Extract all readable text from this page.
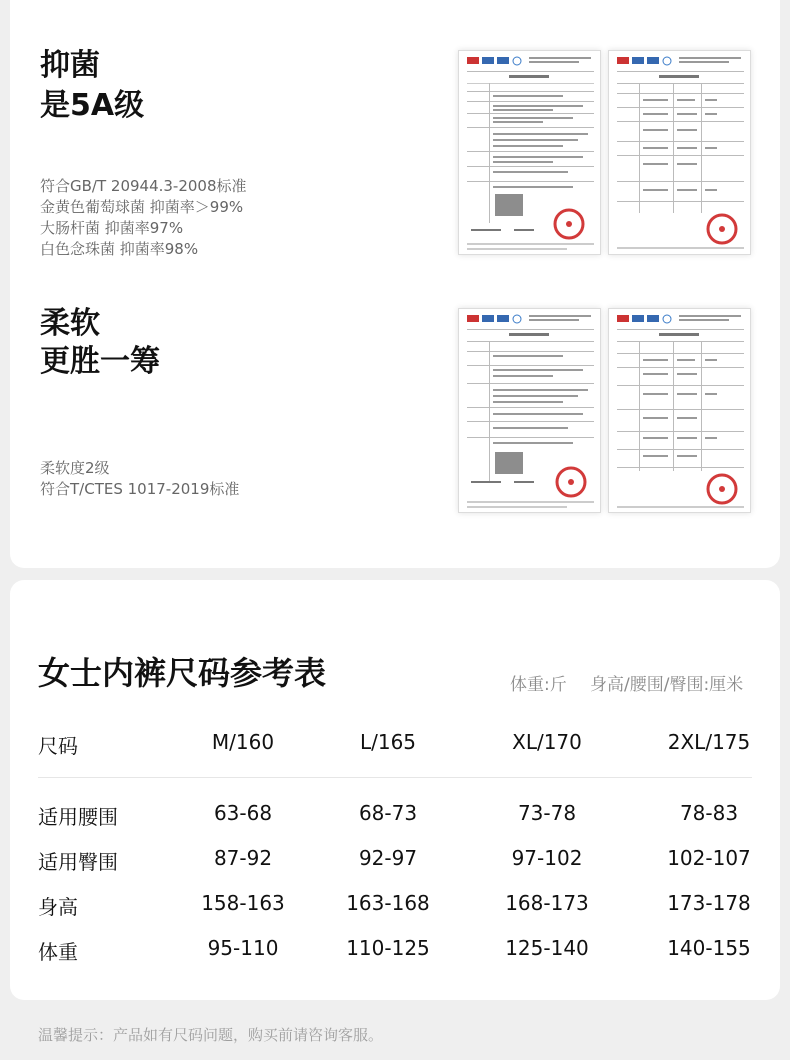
抑菌
是5A级
符合GB/T 20944.3-2008标准
金黄色葡萄球菌 抑菌率＞99%
大肠杆菌 抑菌率97%
白色念珠菌 抑菌率98%
柔软
更胜一筹
柔软度2级
符合T/CTES 1017-2019标准
女士内裤尺码参考表	体重:斤 身高/腰围/臀围:厘米
尺码	M/160	L/165	XL/170	2XL/175
适用腰围	63-68	68-73	73-78	78-83
适用臀围	87-92	92-97	97-102	102-107
身高	158-163	163-168	168-173	173-178
体重	95-110	110-125	125-140	140-155
温馨提示：产品如有尺码问题，购买前请咨询客服。
